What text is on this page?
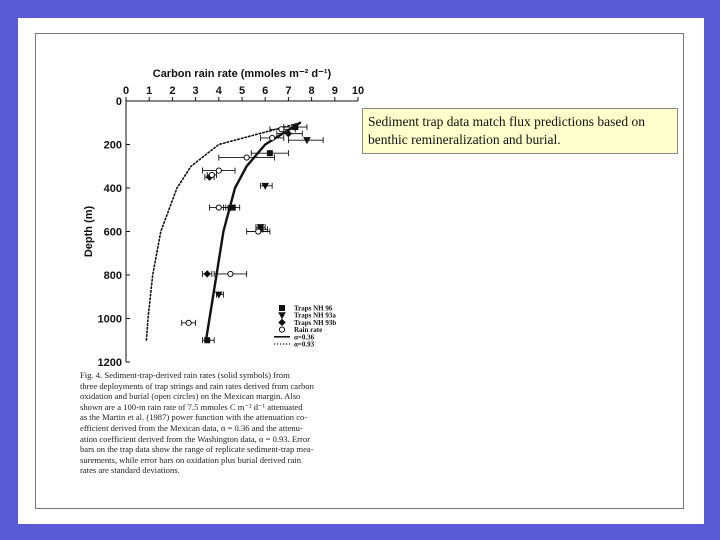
0 1 2 3 4 5 6 7 8 9 10
0
200
400
600
800
1000
1200
Carbon rain rate (mmoles m⁻² d⁻¹)
Depth (m)
Traps NH 96
Traps NH 93a
Traps NH 93b
Rain rate
α=0.36
α=0.93
Fig. 4. Sediment-trap-derived rain rates (solid symbols) from
three deployments of trap strings and rain rates derived from carbon
oxidation and burial (open circles) on the Mexican margin. Also
shown are a 100-m rain rate of 7.5 mmoles C m⁻² d⁻¹ attenuated
as the Martin et al. (1987) power function with the attenuation co-
efficient derived from the Mexican data, α = 0.36 and the attenu-
ation coefficient derived from the Washington data, α = 0.93. Error
bars on the trap data show the range of replicate sediment-trap mea-
surements, while error bars on oxidation plus burial derived rain
rates are standard deviations.
Sediment trap data match flux predictions based on benthic remineralization and burial.
